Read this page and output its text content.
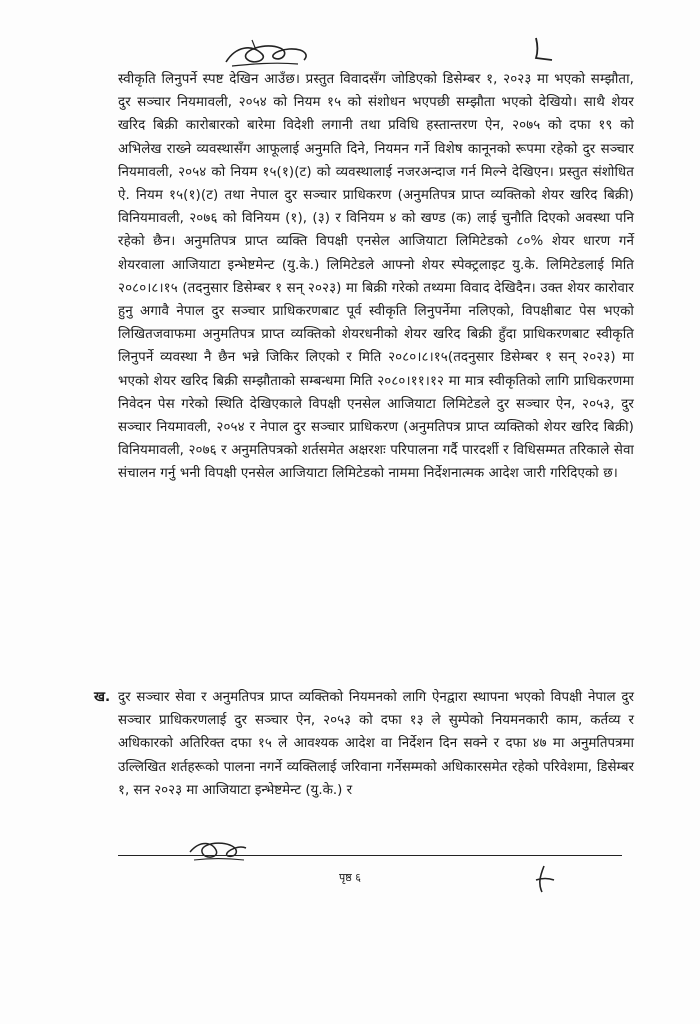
स्वीकृति लिनुपर्ने स्पष्ट देखिन आउँछ। प्रस्तुत विवादसँग जोडिएको डिसेम्बर १, २०२३ मा भएको सम्झौता, दुर सञ्चार नियमावली, २०५४ को नियम १५ को संशोधन भएपछी सम्झौता भएको देखियो। साथै शेयर खरिद बिक्री कारोबारको बारेमा विदेशी लगानी तथा प्रविधि हस्तान्तरण ऐन, २०७५ को दफा १९ को अभिलेख राख्ने व्यवस्थासँग आफूलाई अनुमति दिने, नियमन गर्ने विशेष कानूनको रूपमा रहेको दुर सञ्चार नियमावली, २०५४ को नियम १५(१)(ट) को व्यवस्थालाई नजरअन्दाज गर्न मिल्ने देखिएन। प्रस्तुत संशोधित ऐ. नियम १५(१)(ट) तथा नेपाल दुर सञ्चार प्राधिकरण (अनुमतिपत्र प्राप्त व्यक्तिको शेयर खरिद बिक्री) विनियमावली, २०७६ को विनियम (१), (३) र विनियम ४ को खण्ड (क) लाई चुनौति दिएको अवस्था पनि रहेको छैन। अनुमतिपत्र प्राप्त व्यक्ति विपक्षी एनसेल आजियाटा लिमिटेडको ८०% शेयर धारण गर्ने शेयरवाला आजियाटा इन्भेष्टमेन्ट (यु.के.) लिमिटेडले आफ्नो शेयर स्पेक्ट्रलाइट यु.के. लिमिटेडलाई मिति २०८०।८।१५ (तदनुसार डिसेम्बर १ सन् २०२३) मा बिक्री गरेको तथ्यमा विवाद देखिदैन। उक्त शेयर कारोवार हुनु अगावै नेपाल दुर सञ्चार प्राधिकरणबाट पूर्व स्वीकृति लिनुपर्नेमा नलिएको, विपक्षीबाट पेस भएको लिखितजवाफमा अनुमतिपत्र प्राप्त व्यक्तिको शेयरधनीको शेयर खरिद बिक्री हुँदा प्राधिकरणबाट स्वीकृति लिनुपर्ने व्यवस्था नै छैन भन्ने जिकिर लिएको र मिति २०८०।८।१५(तदनुसार डिसेम्बर १ सन् २०२३) मा भएको शेयर खरिद बिक्री सम्झौताको सम्बन्धमा मिति २०८०।११।१२ मा मात्र स्वीकृतिको लागि प्राधिकरणमा निवेदन पेस गरेको स्थिति देखिएकाले विपक्षी एनसेल आजियाटा लिमिटेडले दुर सञ्चार ऐन, २०५३, दुर सञ्चार नियमावली, २०५४ र नेपाल दुर सञ्चार प्राधिकरण (अनुमतिपत्र प्राप्त व्यक्तिको शेयर खरिद बिक्री) विनियमावली, २०७६ र अनुमतिपत्रको शर्तसमेत अक्षरशः परिपालना गर्दै पारदर्शी र विधिसम्मत तरिकाले सेवा संचालन गर्नु भनी विपक्षी एनसेल आजियाटा लिमिटेडको नाममा निर्देशनात्मक आदेश जारी गरिदिएको छ।

ख. दुर सञ्चार सेवा र अनुमतिपत्र प्राप्त व्यक्तिको नियमनको लागि ऐनद्वारा स्थापना भएको विपक्षी नेपाल दुर सञ्चार प्राधिकरणलाई दुर सञ्चार ऐन, २०५३ को दफा १३ ले सुम्पेको नियमनकारी काम, कर्तव्य र अधिकारको अतिरिक्त दफा १५ ले आवश्यक आदेश वा निर्देशन दिन सक्ने र दफा ४७ मा अनुमतिपत्रमा उल्लिखित शर्तहरूको पालना नगर्ने व्यक्तिलाई जरिवाना गर्नेसम्मको अधिकारसमेत रहेको परिवेशमा, डिसेम्बर १, सन २०२३ मा आजियाटा इन्भेष्टमेन्ट (यु.के.) र
पृष्ठ ६
